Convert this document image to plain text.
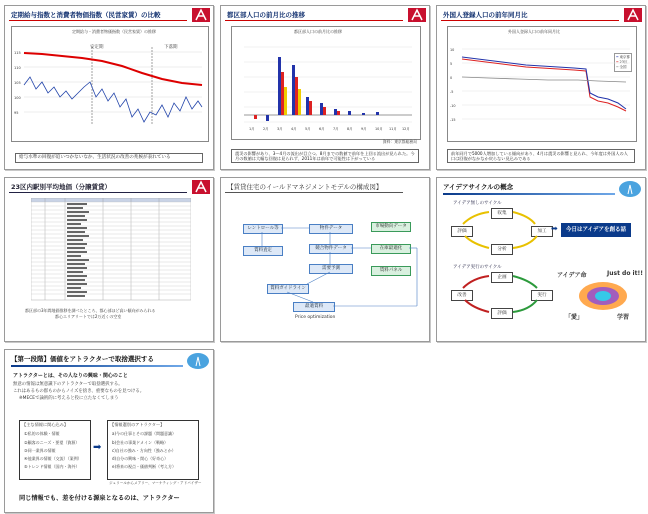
定期給与指数と消費者物価指数（民営家賃）の比較
定期給与・消費者物価指数（民営家賃）の推移
安定期	下落期
115
110
105
100
95
給与水準の回復が追いつかないなか、生活状況の改善の兆候が表れている
都区部人口の前月比の推移
都区部人口の前月比の推移
1月 2月 3月 4月 5月 6月 7月 8月 9月 10月 11月 12月
資料：東京都総務局
震災の影響があり、3〜4月の流出が目立つ。8月までの数値で前年を上回る流出が見られた。今月の数値は大幅な回復は見られず、2011年は前年で可能性は下がっている
外国人登録人口の前年同月比
外国人登録人口の前年同月比
━ 東京都
━ 23区
━ 全国
10
5
0
-5
-10
-15
前年同月で5000人増加している傾向があり、4月は震災の影響と見られ、今年度は外国人の人口は回復がなかなか戻らない見込みである
23区内駅別平均地価（分譲賃貸）
都区部の3年間地価推移を調べたところ、都心部ほど高い傾向がみられる
都心エリアリートでは2万近くの空室
【賃貸住宅のイールドマネジメントモデルの構成図】
レントロール等
賃料査定
物件データ
競合物件データ
需要予測
賃料ガイドライン
最適賃料
市場動向データ
在庫最適化
賃料パネル
Price optimization
アイデアサイクルの概念
アイデア無しのサイクル
収集
評価	加工
分析
今日はアイデアを創る話
➡
アイデア実行のサイクル
企画
実行
評価
改善
アイデア命	Just do it!!
「愛」	学習
【第一段階】価値をアトラクターで取捨選択する
アトラクターとは、その人なりの興味・関心のこと
無意の情報は無意識下のアトラクターで取捨選択する。
これはあるもの群ものからノイズを捨き、重要なものを見つける。
※MECEで論術的に考えると役に立たなくてしまう
【主な情報に関心込み】
①私的の体験・情報
②顧客のニーズ・要望（資源）
③同一業界の情報
④他業界の情報（交流）（案例）
⑤トレンド情報（国内・海外）
➡
【情報選別のアトラクター】
a)今の仕事とその課題（問題意識）
b)会社の事業ドメイン（戦略）
c)自社の強み・方向性（強みとか）
d)自分の興味・関心（好奇心）
e)将来の視点・価値判断（考え方）
ジュリールからメアリー、マーケティング・アドバイザー
同じ情報でも、差を付ける源泉となるのは、アトラクター
